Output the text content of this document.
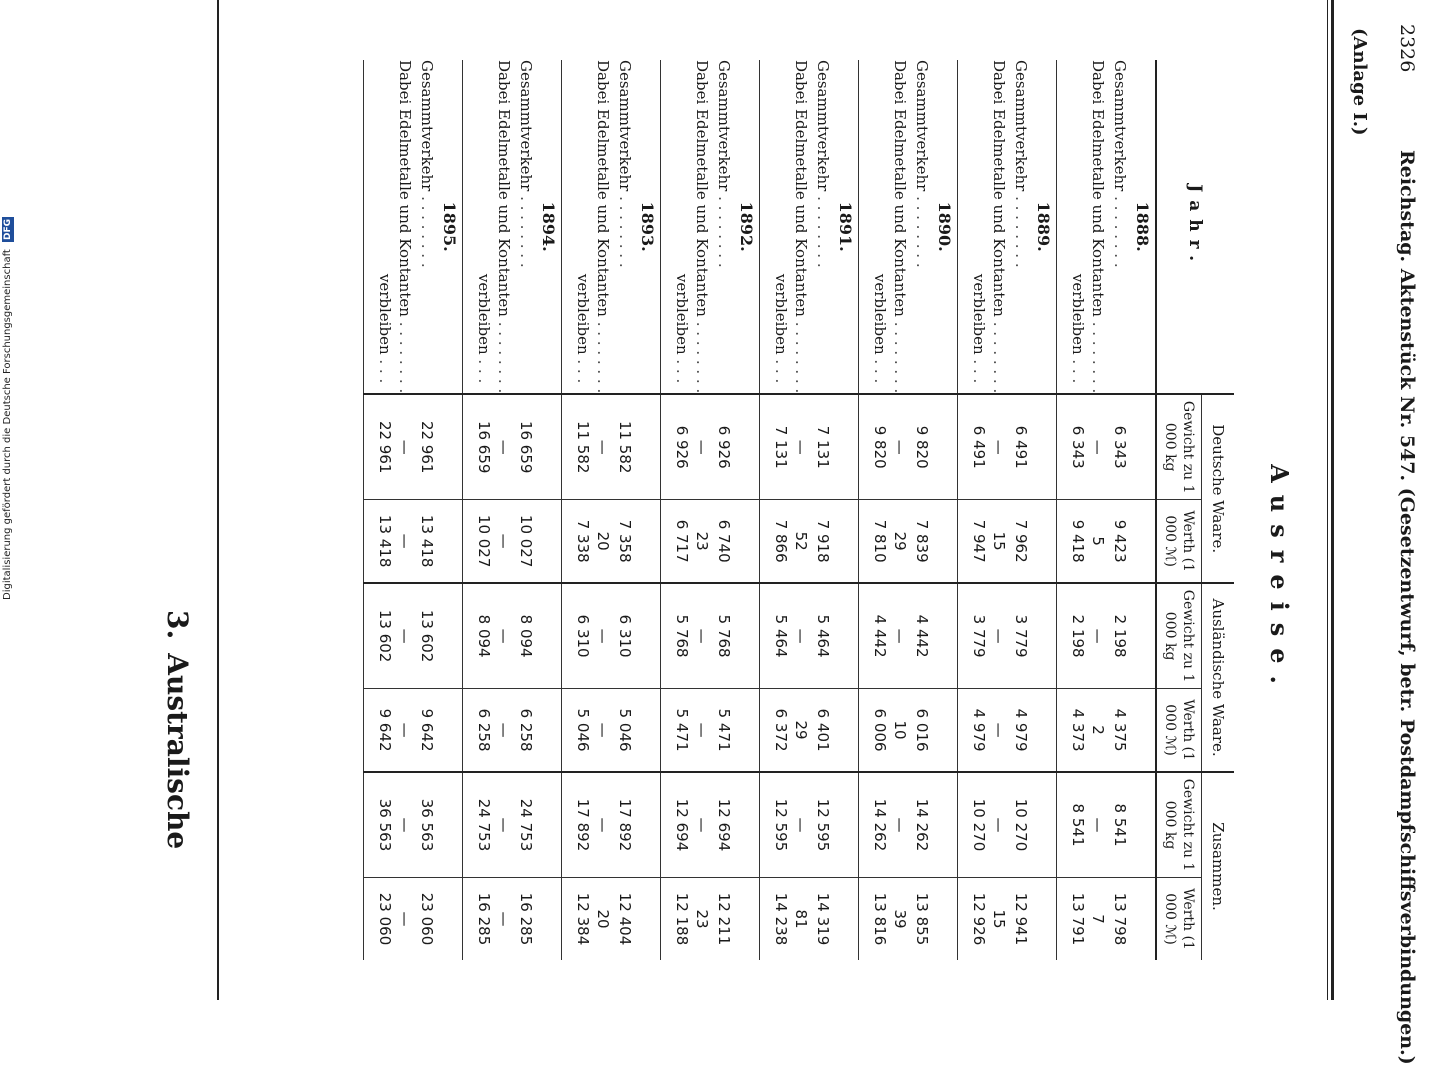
2326
Reichstag. Aktenstück Nr. 547. (Gesetzentwurf, betr. Postdampfschiffsverbindungen.)
(Anlage I.)
Ausreise.
Jahr.	Deutsche Waare.		Ausländische Waare.		Zusammen.	
	Gewicht zu 1 000 kg	Werth (1 000 ℳ)	Gewicht zu 1 000 kg	Werth (1 000 ℳ)	Gewicht zu 1 000 kg	Werth (1 000 ℳ)
1888.						
Gesammtverkehr . . . . . . . .	6 343	9 423	2 198	4 375	8 541	13 798
Dabei Edelmetalle und Kontanten . . . . . . . .	—	5	—	2	—	7
verbleiben . . .	6 343	9 418	2 198	4 373	8 541	13 791
1889.						
Gesammtverkehr . . . . . . . .	6 491	7 962	3 779	4 979	10 270	12 941
Dabei Edelmetalle und Kontanten . . . . . . . .	—	15	—	—	—	15
verbleiben . . .	6 491	7 947	3 779	4 979	10 270	12 926
1890.						
Gesammtverkehr . . . . . . . .	9 820	7 839	4 442	6 016	14 262	13 855
Dabei Edelmetalle und Kontanten . . . . . . . .	—	29	—	10	—	39
verbleiben . . .	9 820	7 810	4 442	6 006	14 262	13 816
1891.						
Gesammtverkehr . . . . . . . .	7 131	7 918	5 464	6 401	12 595	14 319
Dabei Edelmetalle und Kontanten . . . . . . . .	—	52	—	29	—	81
verbleiben . . .	7 131	7 866	5 464	6 372	12 595	14 238
1892.						
Gesammtverkehr . . . . . . . .	6 926	6 740	5 768	5 471	12 694	12 211
Dabei Edelmetalle und Kontanten . . . . . . . .	—	23	—	—	—	23
verbleiben . . .	6 926	6 717	5 768	5 471	12 694	12 188
1893.						
Gesammtverkehr . . . . . . . .	11 582	7 358	6 310	5 046	17 892	12 404
Dabei Edelmetalle und Kontanten . . . . . . . .	—	20	—	—	—	20
verbleiben . . .	11 582	7 338	6 310	5 046	17 892	12 384
1894.						
Gesammtverkehr . . . . . . . .	16 659	10 027	8 094	6 258	24 753	16 285
Dabei Edelmetalle und Kontanten . . . . . . . .	—	—	—	—	—	—
verbleiben . . .	16 659	10 027	8 094	6 258	24 753	16 285
1895.						
Gesammtverkehr . . . . . . . .	22 961	13 418	13 602	9 642	36 563	23 060
Dabei Edelmetalle und Kontanten . . . . . . . .	—	—	—	—	—	—
verbleiben . . .	22 961	13 418	13 602	9 642	36 563	23 060
3.Australische
Digitalisierung gefördert durch die Deutsche Forschungsgemeinschaft DFG
